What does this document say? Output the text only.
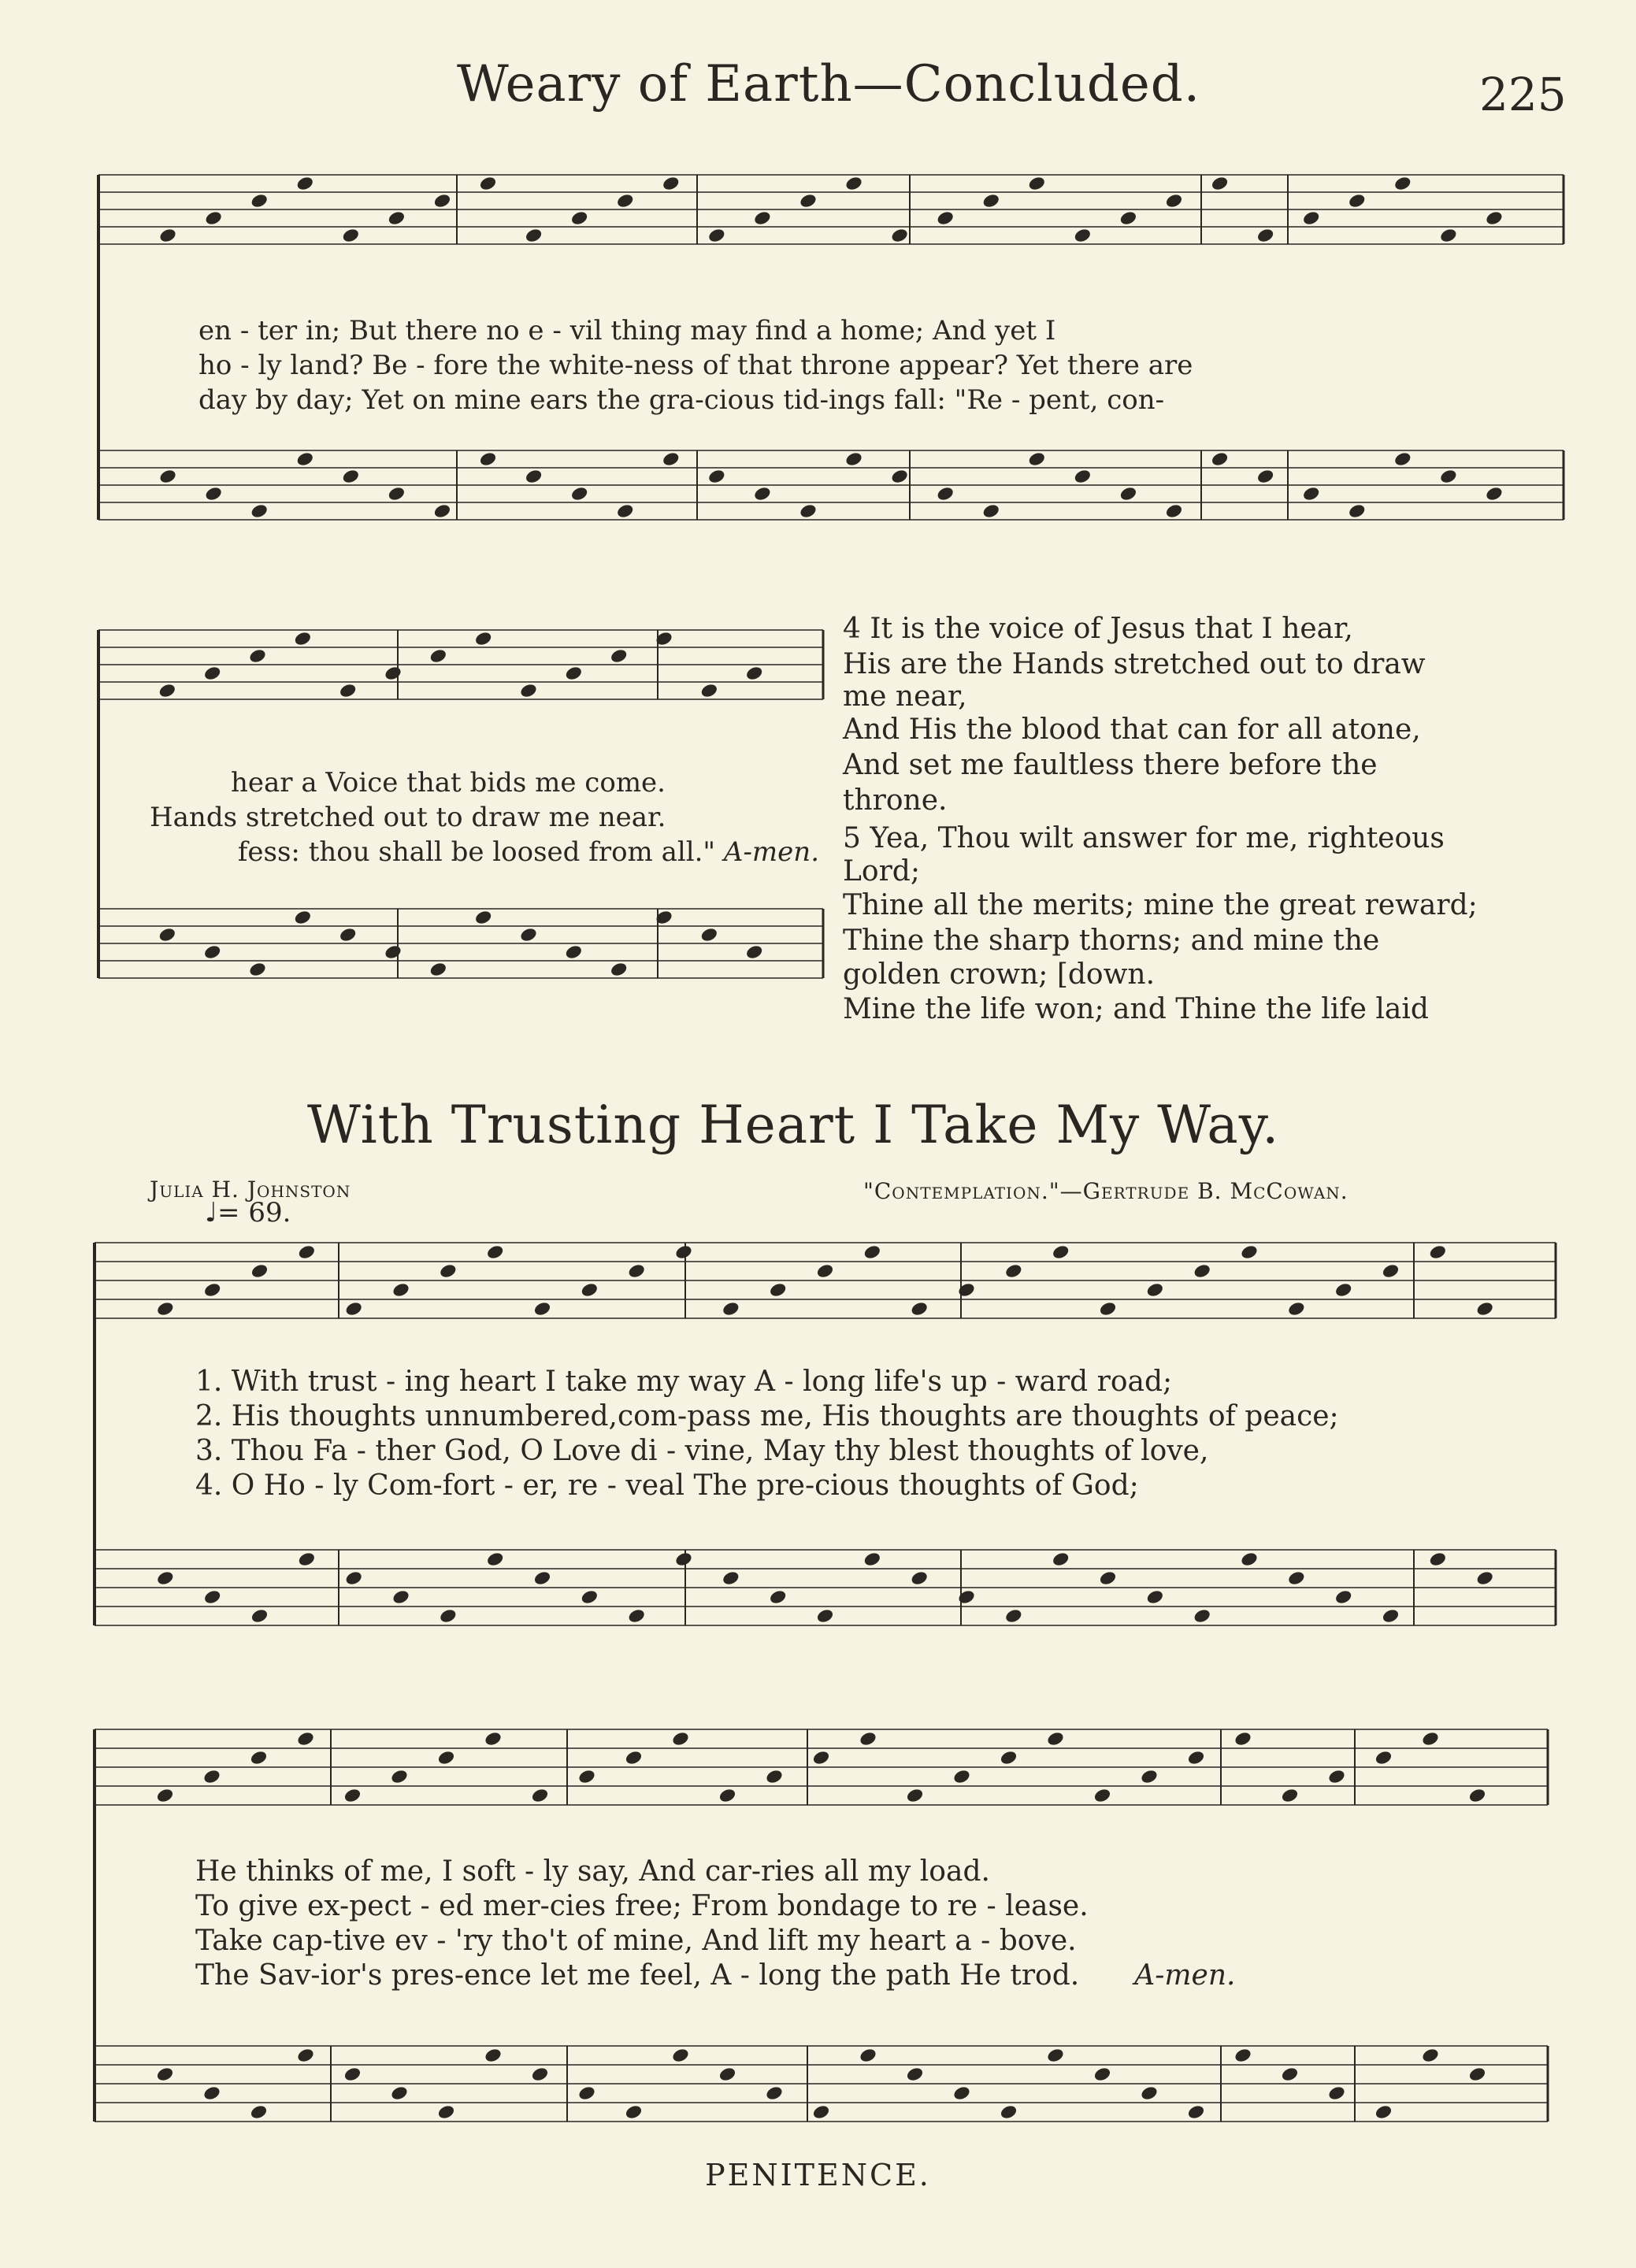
Weary of Earth—Concluded.	225
en - ter in; But there no e - vil thing may find a home; And yet I
ho - ly land? Be - fore the white-ness of that throne appear? Yet there are
day by day; Yet on mine ears the gra-cious tid-ings fall: "Re - pent, con-
hear a Voice that bids me come.
Hands stretched out to draw me near.
fess: thou shall be loosed from all." A-men.
4 It is the voice of Jesus that I hear,
His are the Hands stretched out to draw
me near,
And His the blood that can for all atone,
And set me faultless there before the
throne.
5 Yea, Thou wilt answer for me, righteous
Lord;
Thine all the merits; mine the great reward;
Thine the sharp thorns; and mine the
golden crown; [down.
Mine the life won; and Thine the life laid
With Trusting Heart I Take My Way.
Julia H. Johnston	"Contemplation."—Gertrude B. McCowan.
♩= 69.
1. With trust - ing heart I take my way A - long life's up - ward road;
2. His thoughts unnumbered,com-pass me, His thoughts are thoughts of peace;
3. Thou Fa - ther God, O Love di - vine, May thy blest thoughts of love,
4. O Ho - ly Com-fort - er, re - veal The pre-cious thoughts of God;
He thinks of me, I soft - ly say, And car-ries all my load.
To give ex-pect - ed mer-cies free; From bondage to re - lease.
Take cap-tive ev - 'ry tho't of mine, And lift my heart a - bove.
The Sav-ior's pres-ence let me feel, A - long the path He trod. A-men.
PENITENCE.
